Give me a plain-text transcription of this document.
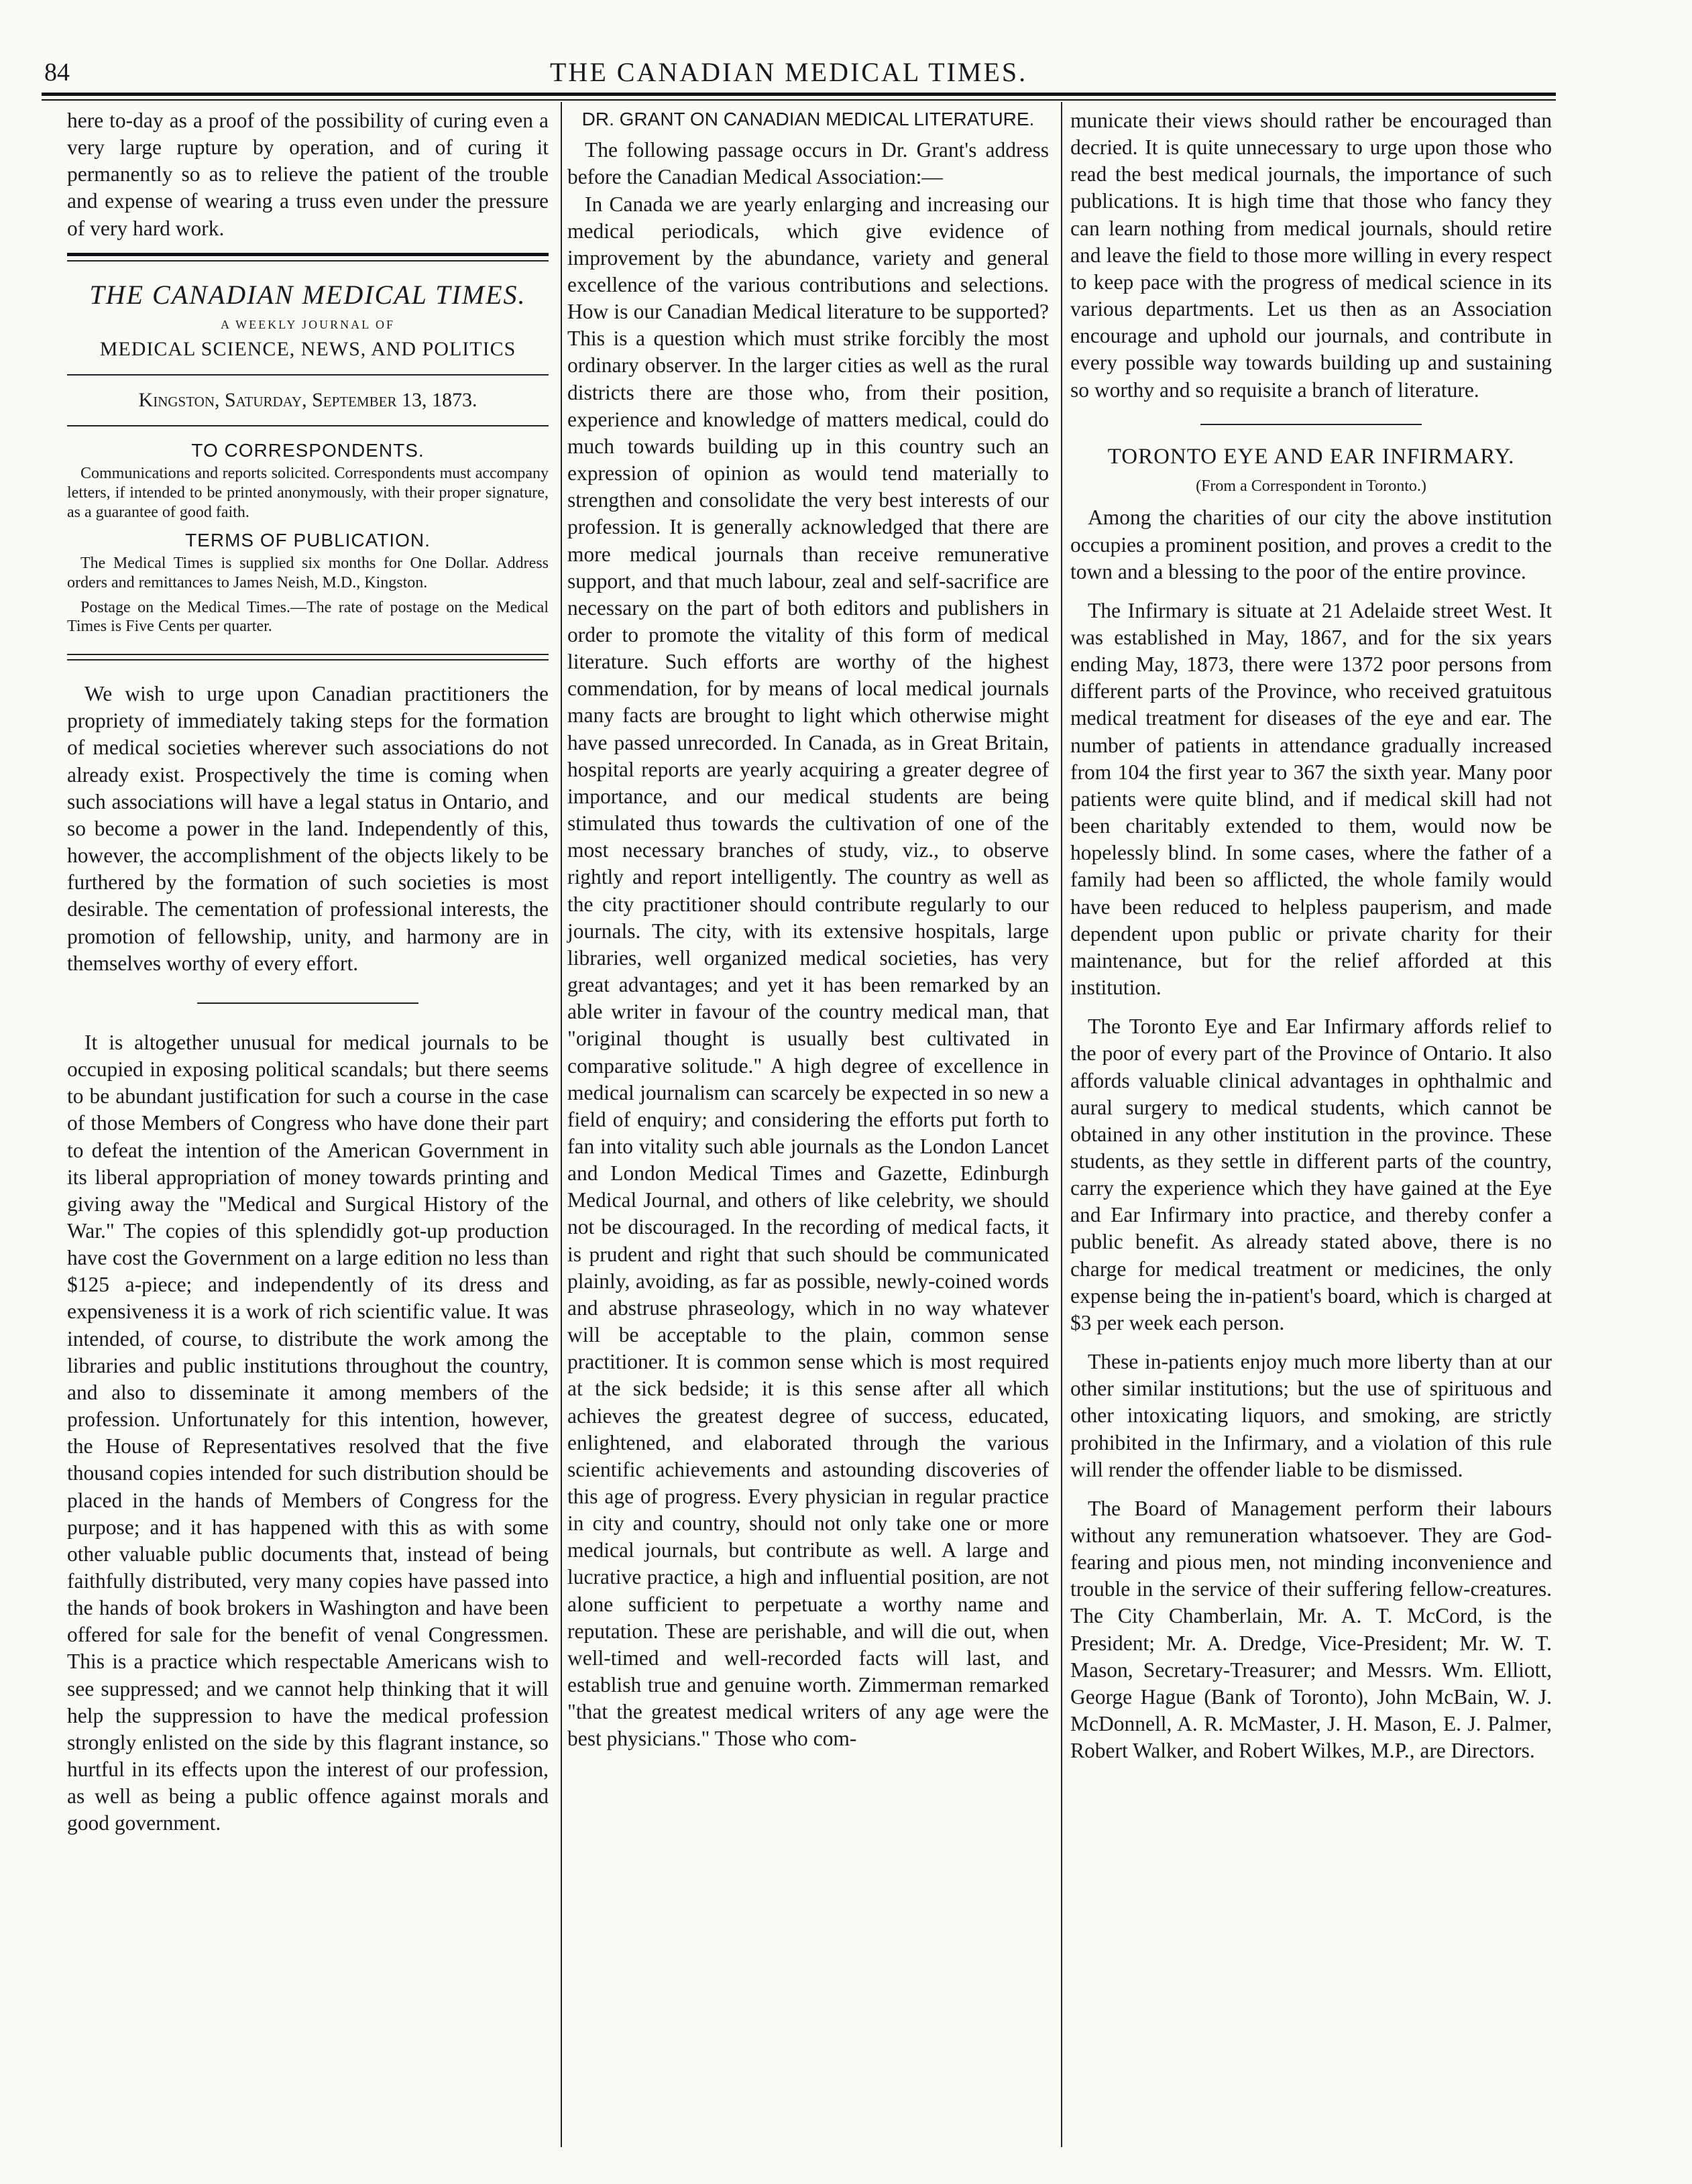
84	THE CANADIAN MEDICAL TIMES.

here to-day as a proof of the possibility of curing even a very large rupture by operation, and of curing it permanently so as to relieve the patient of the trouble and expense of wearing a truss even under the pressure of very hard work.

THE CANADIAN MEDICAL TIMES.
A WEEKLY JOURNAL OF
MEDICAL SCIENCE, NEWS, AND POLITICS
Kingston, Saturday, September 13, 1873.
TO CORRESPONDENTS.

Communications and reports solicited. Correspondents must accompany letters, if intended to be printed anonymously, with their proper signature, as a guarantee of good faith.

TERMS OF PUBLICATION.

The Medical Times is supplied six months for One Dollar. Address orders and remittances to James Neish, M.D., Kingston.

Postage on the Medical Times.—The rate of postage on the Medical Times is Five Cents per quarter.

We wish to urge upon Canadian practitioners the propriety of immediately taking steps for the formation of medical societies wherever such associations do not already exist. Prospectively the time is coming when such associations will have a legal status in Ontario, and so become a power in the land. Independently of this, however, the accomplishment of the objects likely to be furthered by the formation of such societies is most desirable. The cementation of professional interests, the promotion of fellowship, unity, and harmony are in themselves worthy of every effort.

It is altogether unusual for medical journals to be occupied in exposing political scandals; but there seems to be abundant justification for such a course in the case of those Members of Congress who have done their part to defeat the intention of the American Government in its liberal appropriation of money towards printing and giving away the "Medical and Surgical History of the War." The copies of this splendidly got-up production have cost the Government on a large edition no less than $125 a-piece; and independently of its dress and expensiveness it is a work of rich scientific value. It was intended, of course, to distribute the work among the libraries and public institutions throughout the country, and also to disseminate it among members of the profession. Unfortunately for this intention, however, the House of Representatives resolved that the five thousand copies intended for such distribution should be placed in the hands of Members of Congress for the purpose; and it has happened with this as with some other valuable public documents that, instead of being faithfully distributed, very many copies have passed into the hands of book brokers in Washington and have been offered for sale for the benefit of venal Congressmen. This is a practice which respectable Americans wish to see suppressed; and we cannot help thinking that it will help the suppression to have the medical profession strongly enlisted on the side by this flagrant instance, so hurtful in its effects upon the interest of our profession, as well as being a public offence against morals and good government.

DR. GRANT ON CANADIAN MEDICAL LITERATURE.

The following passage occurs in Dr. Grant's address before the Canadian Medical Association:—

In Canada we are yearly enlarging and increasing our medical periodicals, which give evidence of improvement by the abundance, variety and general excellence of the various contributions and selections. How is our Canadian Medical literature to be supported? This is a question which must strike forcibly the most ordinary observer. In the larger cities as well as the rural districts there are those who, from their position, experience and knowledge of matters medical, could do much towards building up in this country such an expression of opinion as would tend materially to strengthen and consolidate the very best interests of our profession. It is generally acknowledged that there are more medical journals than receive remunerative support, and that much labour, zeal and self-sacrifice are necessary on the part of both editors and publishers in order to promote the vitality of this form of medical literature. Such efforts are worthy of the highest commendation, for by means of local medical journals many facts are brought to light which otherwise might have passed unrecorded. In Canada, as in Great Britain, hospital reports are yearly acquiring a greater degree of importance, and our medical students are being stimulated thus towards the cultivation of one of the most necessary branches of study, viz., to observe rightly and report intelligently. The country as well as the city practitioner should contribute regularly to our journals. The city, with its extensive hospitals, large libraries, well organized medical societies, has very great advantages; and yet it has been remarked by an able writer in favour of the country medical man, that "original thought is usually best cultivated in comparative solitude." A high degree of excellence in medical journalism can scarcely be expected in so new a field of enquiry; and considering the efforts put forth to fan into vitality such able journals as the London Lancet and London Medical Times and Gazette, Edinburgh Medical Journal, and others of like celebrity, we should not be discouraged. In the recording of medical facts, it is prudent and right that such should be communicated plainly, avoiding, as far as possible, newly-coined words and abstruse phraseology, which in no way whatever will be acceptable to the plain, common sense practitioner. It is common sense which is most required at the sick bedside; it is this sense after all which achieves the greatest degree of success, educated, enlightened, and elaborated through the various scientific achievements and astounding discoveries of this age of progress. Every physician in regular practice in city and country, should not only take one or more medical journals, but contribute as well. A large and lucrative practice, a high and influential position, are not alone sufficient to perpetuate a worthy name and reputation. These are perishable, and will die out, when well-timed and well-recorded facts will last, and establish true and genuine worth. Zimmerman remarked "that the greatest medical writers of any age were the best physicians." Those who com-

municate their views should rather be encouraged than decried. It is quite unnecessary to urge upon those who read the best medical journals, the importance of such publications. It is high time that those who fancy they can learn nothing from medical journals, should retire and leave the field to those more willing in every respect to keep pace with the progress of medical science in its various departments. Let us then as an Association encourage and uphold our journals, and contribute in every possible way towards building up and sustaining so worthy and so requisite a branch of literature.

TORONTO EYE AND EAR INFIRMARY.
(From a Correspondent in Toronto.)

Among the charities of our city the above institution occupies a prominent position, and proves a credit to the town and a blessing to the poor of the entire province.

The Infirmary is situate at 21 Adelaide street West. It was established in May, 1867, and for the six years ending May, 1873, there were 1372 poor persons from different parts of the Province, who received gratuitous medical treatment for diseases of the eye and ear. The number of patients in attendance gradually increased from 104 the first year to 367 the sixth year. Many poor patients were quite blind, and if medical skill had not been charitably extended to them, would now be hopelessly blind. In some cases, where the father of a family had been so afflicted, the whole family would have been reduced to helpless pauperism, and made dependent upon public or private charity for their maintenance, but for the relief afforded at this institution.

The Toronto Eye and Ear Infirmary affords relief to the poor of every part of the Province of Ontario. It also affords valuable clinical advantages in ophthalmic and aural surgery to medical students, which cannot be obtained in any other institution in the province. These students, as they settle in different parts of the country, carry the experience which they have gained at the Eye and Ear Infirmary into practice, and thereby confer a public benefit. As already stated above, there is no charge for medical treatment or medicines, the only expense being the in-patient's board, which is charged at $3 per week each person.

These in-patients enjoy much more liberty than at our other similar institutions; but the use of spirituous and other intoxicating liquors, and smoking, are strictly prohibited in the Infirmary, and a violation of this rule will render the offender liable to be dismissed.

The Board of Management perform their labours without any remuneration whatsoever. They are God-fearing and pious men, not minding inconvenience and trouble in the service of their suffering fellow-creatures. The City Chamberlain, Mr. A. T. McCord, is the President; Mr. A. Dredge, Vice-President; Mr. W. T. Mason, Secretary-Treasurer; and Messrs. Wm. Elliott, George Hague (Bank of Toronto), John McBain, W. J. McDonnell, A. R. McMaster, J. H. Mason, E. J. Palmer, Robert Walker, and Robert Wilkes, M.P., are Directors.
